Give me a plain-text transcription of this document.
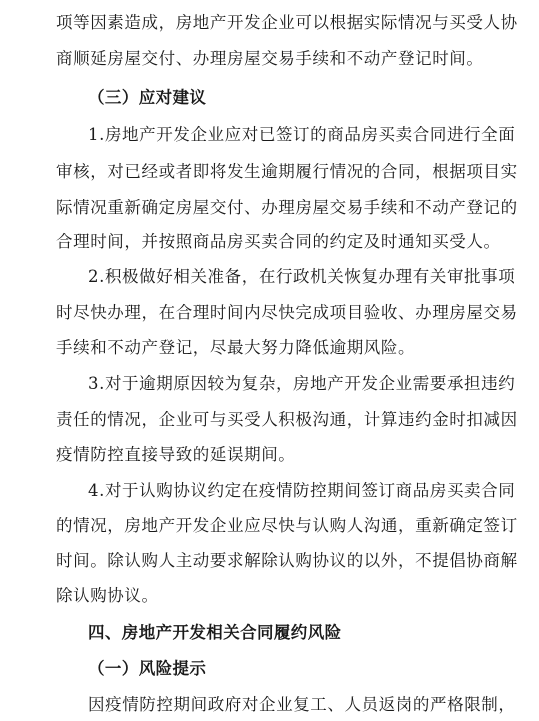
项等因素造成，房地产开发企业可以根据实际情况与买受人协
商顺延房屋交付、办理房屋交易手续和不动产登记时间。
（三）应对建议
1.房地产开发企业应对已签订的商品房买卖合同进行全面
审核，对已经或者即将发生逾期履行情况的合同，根据项目实
际情况重新确定房屋交付、办理房屋交易手续和不动产登记的
合理时间，并按照商品房买卖合同的约定及时通知买受人。
2.积极做好相关准备，在行政机关恢复办理有关审批事项
时尽快办理，在合理时间内尽快完成项目验收、办理房屋交易
手续和不动产登记，尽最大努力降低逾期风险。
3.对于逾期原因较为复杂，房地产开发企业需要承担违约
责任的情况，企业可与买受人积极沟通，计算违约金时扣减因
疫情防控直接导致的延误期间。
4.对于认购协议约定在疫情防控期间签订商品房买卖合同
的情况，房地产开发企业应尽快与认购人沟通，重新确定签订
时间。除认购人主动要求解除认购协议的以外，不提倡协商解
除认购协议。
四、房地产开发相关合同履约风险
（一）风险提示
因疫情防控期间政府对企业复工、人员返岗的严格限制，
